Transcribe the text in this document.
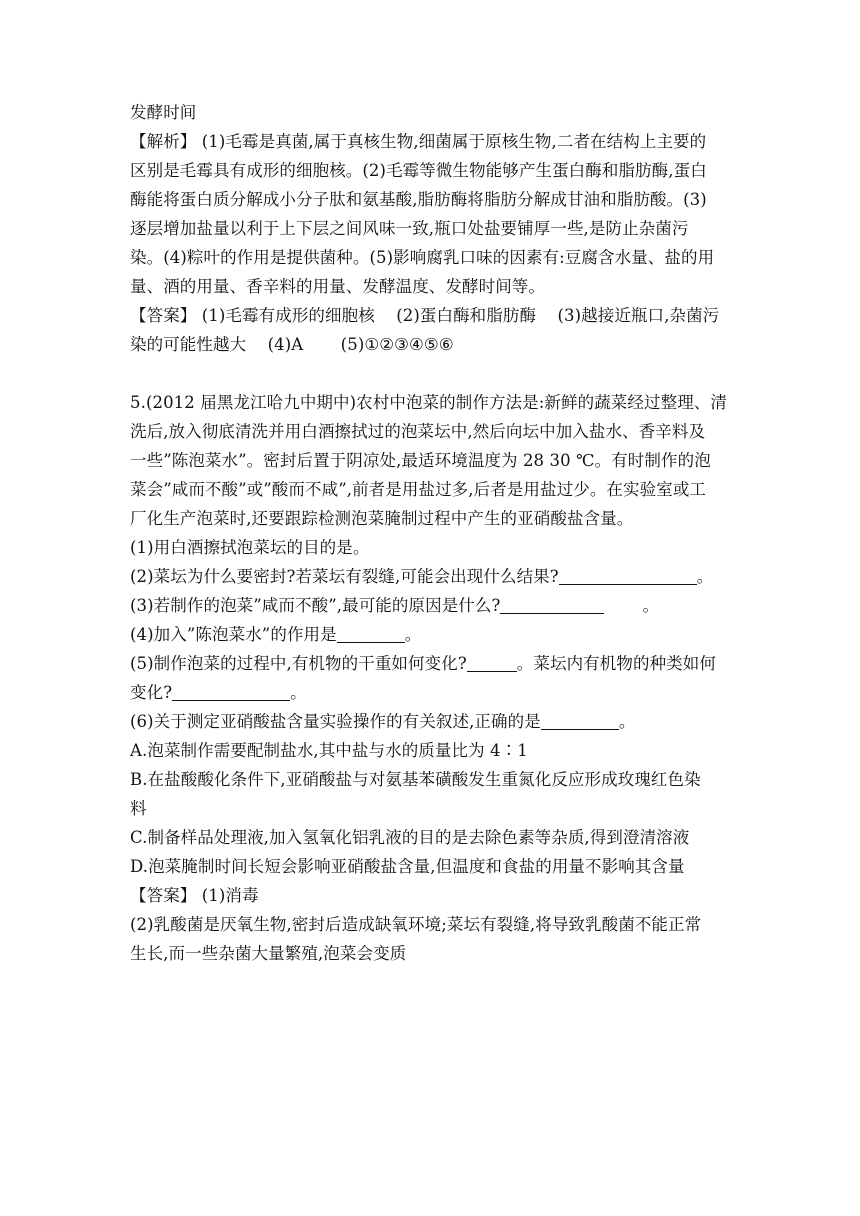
发酵时间
【解析】 (1)毛霉是真菌,属于真核生物,细菌属于原核生物,二者在结构上主要的
区别是毛霉具有成形的细胞核。(2)毛霉等微生物能够产生蛋白酶和脂肪酶,蛋白
酶能将蛋白质分解成小分子肽和氨基酸,脂肪酶将脂肪分解成甘油和脂肪酸。(3)
逐层增加盐量以利于上下层之间风味一致,瓶口处盐要铺厚一些,是防止杂菌污
染。(4)粽叶的作用是提供菌种。(5)影响腐乳口味的因素有:豆腐含水量、盐的用
量、酒的用量、香辛料的用量、发酵温度、发酵时间等。
【答案】 (1)毛霉有成形的细胞核    (2)蛋白酶和脂肪酶    (3)越接近瓶口,杂菌污
染的可能性越大    (4)A       (5)①②③④⑤⑥
5.(2012 届黑龙江哈九中期中)农村中泡菜的制作方法是:新鲜的蔬菜经过整理、清
洗后,放入彻底清洗并用白酒擦拭过的泡菜坛中,然后向坛中加入盐水、香辛料及
一些”陈泡菜水”。密封后置于阴凉处,最适环境温度为 28 30 ℃。有时制作的泡
菜会”咸而不酸”或”酸而不咸”,前者是用盐过多,后者是用盐过少。在实验室或工
厂化生产泡菜时,还要跟踪检测泡菜腌制过程中产生的亚硝酸盐含量。
(1)用白酒擦拭泡菜坛的目的是。
(2)菜坛为什么要密封?若菜坛有裂缝,可能会出现什么结果?	。
(3)若制作的泡菜”咸而不酸”,最可能的原因是什么?	。
(4)加入”陈泡菜水”的作用是	。
(5)制作泡菜的过程中,有机物的干重如何变化?	。菜坛内有机物的种类如何
变化?	。
(6)关于测定亚硝酸盐含量实验操作的有关叙述,正确的是	。
A.泡菜制作需要配制盐水,其中盐与水的质量比为 4∶1
B.在盐酸酸化条件下,亚硝酸盐与对氨基苯磺酸发生重氮化反应形成玫瑰红色染
料
C.制备样品处理液,加入氢氧化铝乳液的目的是去除色素等杂质,得到澄清溶液
D.泡菜腌制时间长短会影响亚硝酸盐含量,但温度和食盐的用量不影响其含量
【答案】 (1)消毒
(2)乳酸菌是厌氧生物,密封后造成缺氧环境;菜坛有裂缝,将导致乳酸菌不能正常
生长,而一些杂菌大量繁殖,泡菜会变质
